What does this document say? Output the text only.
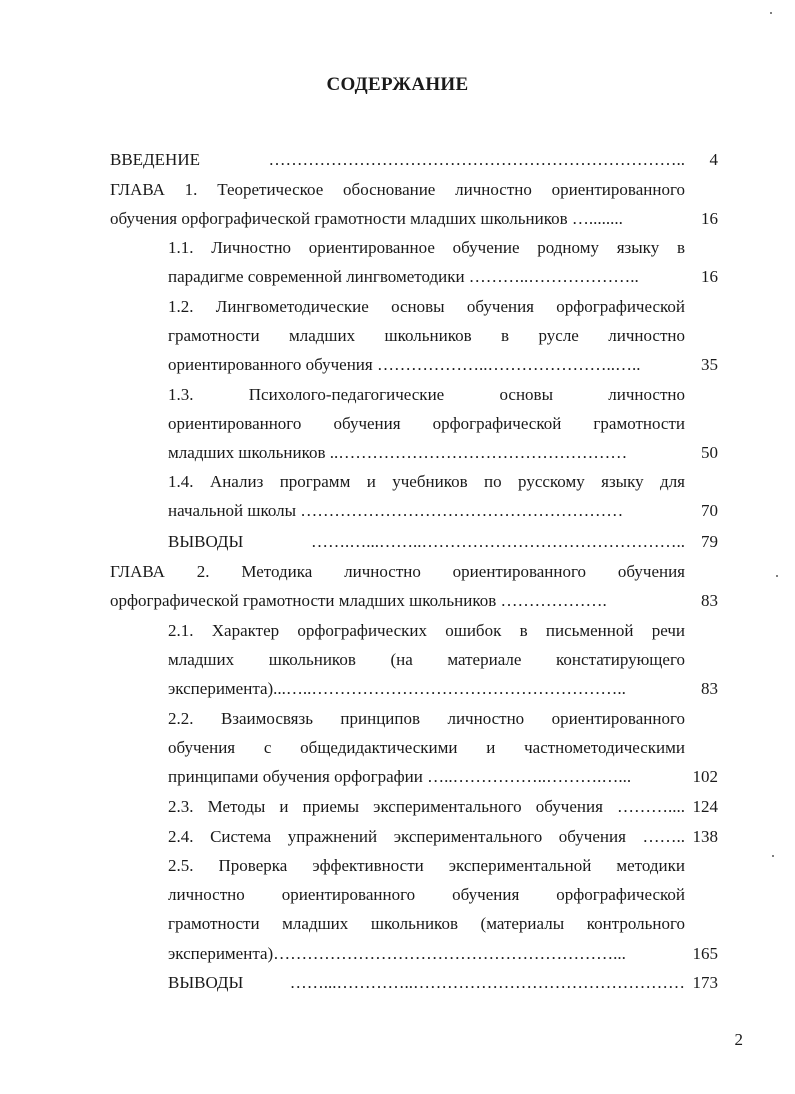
СОДЕРЖАНИЕ
ВВЕДЕНИЕ ……………………………………………………………….. 4
ГЛАВА 1. Теоретическое обоснование личностно ориентированного
обучения орфографической грамотности младших школьников …........	16
1.1. Личностно ориентированное обучение родному языку в
парадигме современной лингвометодики ………..………………..	16
1.2. Лингвометодические основы обучения орфографической
грамотности младших школьников в русле личностно
ориентированного обучения ………………..…………………..…..	35
1.3. Психолого-педагогические основы личностно
ориентированного обучения орфографической грамотности
младших школьников ..……………………………………………	50
1.4. Анализ программ и учебников по русскому языку для
начальной школы …………………………………………………	70
ВЫВОДЫ …….…...……..……………………………………….. 79
ГЛАВА 2. Методика личностно ориентированного обучения
орфографической грамотности младших школьников ……………….	83
2.1. Характер орфографических ошибок в письменной речи
младших школьников (на материале констатирующего
эксперимента)...…..………………………………………………..	83
2.2. Взаимосвязь принципов личностно ориентированного
обучения с общедидактическими и частнометодическими
принципами обучения орфографии …..……………..……….…...	102
2.3. Методы и приемы экспериментального обучения ……….... 124
2.4. Система упражнений экспериментального обучения …….. 138
2.5. Проверка эффективности экспериментальной методики
личностно ориентированного обучения орфографической
грамотности младших школьников (материалы контрольного
эксперимента)……………………………………………………...	165
ВЫВОДЫ ……...…………..………………………………………… 173
2
